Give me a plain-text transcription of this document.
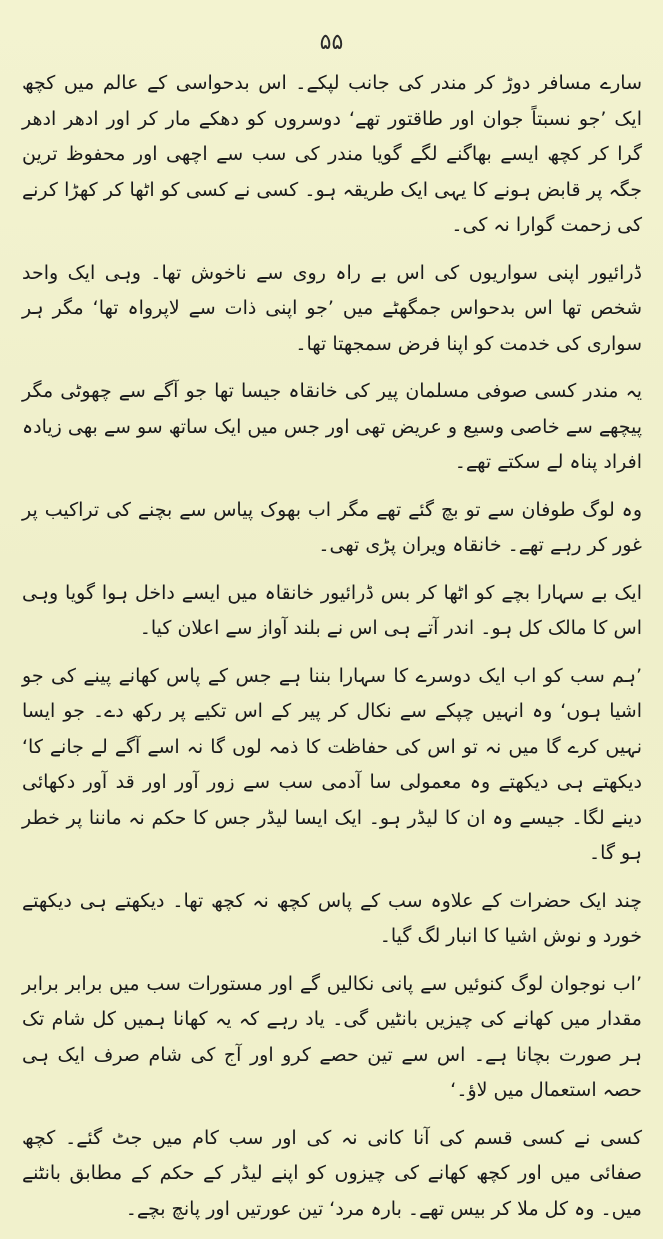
۵۵

سارے مسافر دوڑ کر مندر کی جانب لپکے۔ اس بدحواسی کے عالم میں کچھ ایک ’جو نسبتاً جوان اور طاقتور تھے‘ دوسروں کو دھکے مار کر اور ادھر ادھر گرا کر کچھ ایسے بھاگنے لگے گویا مندر کی سب سے اچھی اور محفوظ ترین جگہ پر قابض ہونے کا یہی ایک طریقہ ہو۔ کسی نے کسی کو اٹھا کر کھڑا کرنے کی زحمت گوارا نہ کی۔

ڈرائیور اپنی سواریوں کی اس بے راہ روی سے ناخوش تھا۔ وہی ایک واحد شخص تھا اس بدحواس جمگھٹے میں ’جو اپنی ذات سے لاپرواہ تھا‘ مگر ہر سواری کی خدمت کو اپنا فرض سمجھتا تھا۔

یہ مندر کسی صوفی مسلمان پیر کی خانقاہ جیسا تھا جو آگے سے چھوٹی مگر پیچھے سے خاصی وسیع و عریض تھی اور جس میں ایک ساتھ سو سے بھی زیادہ افراد پناہ لے سکتے تھے۔

وہ لوگ طوفان سے تو بچ گئے تھے مگر اب بھوک پیاس سے بچنے کی تراکیب پر غور کر رہے تھے۔ خانقاہ ویران پڑی تھی۔

ایک بے سہارا بچے کو اٹھا کر بس ڈرائیور خانقاہ میں ایسے داخل ہوا گویا وہی اس کا مالک کل ہو۔ اندر آتے ہی اس نے بلند آواز سے اعلان کیا۔

’ہم سب کو اب ایک دوسرے کا سہارا بننا ہے جس کے پاس کھانے پینے کی جو اشیا ہوں‘ وہ انہیں چپکے سے نکال کر پیر کے اس تکیے پر رکھ دے۔ جو ایسا نہیں کرے گا میں نہ تو اس کی حفاظت کا ذمہ لوں گا نہ اسے آگے لے جانے کا‘ دیکھتے ہی دیکھتے وہ معمولی سا آدمی سب سے زور آور اور قد آور دکھائی دینے لگا۔ جیسے وہ ان کا لیڈر ہو۔ ایک ایسا لیڈر جس کا حکم نہ ماننا پر خطر ہو گا۔

چند ایک حضرات کے علاوہ سب کے پاس کچھ نہ کچھ تھا۔ دیکھتے ہی دیکھتے خورد و نوش اشیا کا انبار لگ گیا۔

’اب نوجوان لوگ کنوئیں سے پانی نکالیں گے اور مستورات سب میں برابر برابر مقدار میں کھانے کی چیزیں بانٹیں گی۔ یاد رہے کہ یہ کھانا ہمیں کل شام تک ہر صورت بچانا ہے۔ اس سے تین حصے کرو اور آج کی شام صرف ایک ہی حصہ استعمال میں لاؤ۔‘

کسی نے کسی قسم کی آنا کانی نہ کی اور سب کام میں جٹ گئے۔ کچھ صفائی میں اور کچھ کھانے کی چیزوں کو اپنے لیڈر کے حکم کے مطابق بانٹنے میں۔ وہ کل ملا کر بیس تھے۔ بارہ مرد‘ تین عورتیں اور پانچ بچے۔
